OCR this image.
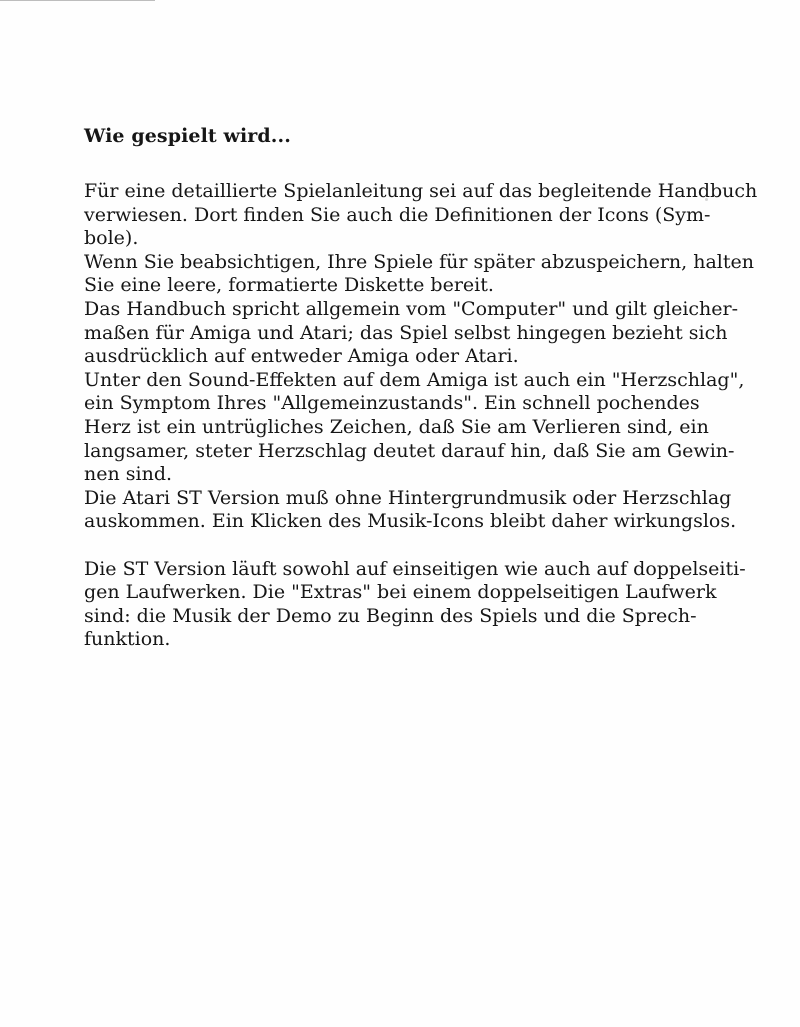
Wie gespielt wird...
Für eine detaillierte Spielanleitung sei auf das begleitende Handbuch
verwiesen. Dort finden Sie auch die Definitionen der Icons (Sym-
bole).
Wenn Sie beabsichtigen, Ihre Spiele für später abzuspeichern, halten
Sie eine leere, formatierte Diskette bereit.
Das Handbuch spricht allgemein vom "Computer" und gilt gleicher-
maßen für Amiga und Atari; das Spiel selbst hingegen bezieht sich
ausdrücklich auf entweder Amiga oder Atari.
Unter den Sound-Effekten auf dem Amiga ist auch ein "Herzschlag",
ein Symptom Ihres "Allgemeinzustands". Ein schnell pochendes
Herz ist ein untrügliches Zeichen, daß Sie am Verlieren sind, ein
langsamer, steter Herzschlag deutet darauf hin, daß Sie am Gewin-
nen sind.
Die Atari ST Version muß ohne Hintergrundmusik oder Herzschlag
auskommen. Ein Klicken des Musik-Icons bleibt daher wirkungslos.
Die ST Version läuft sowohl auf einseitigen wie auch auf doppelseiti-
gen Laufwerken. Die "Extras" bei einem doppelseitigen Laufwerk
sind: die Musik der Demo zu Beginn des Spiels und die Sprech-
funktion.
